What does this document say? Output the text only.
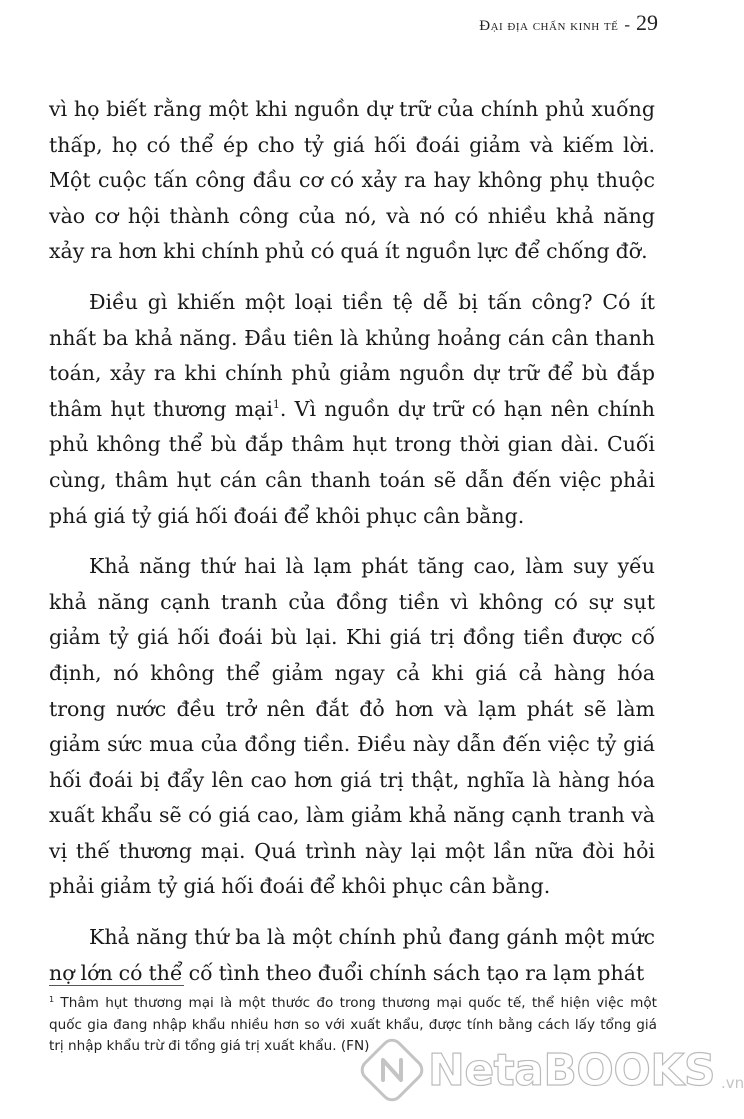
Đại địa chấn kinh tế - 29

vì họ biết rằng một khi nguồn dự trữ của chính phủ xuống thấp, họ có thể ép cho tỷ giá hối đoái giảm và kiếm lời. Một cuộc tấn công đầu cơ có xảy ra hay không phụ thuộc vào cơ hội thành công của nó, và nó có nhiều khả năng xảy ra hơn khi chính phủ có quá ít nguồn lực để chống đỡ.

Điều gì khiến một loại tiền tệ dễ bị tấn công? Có ít nhất ba khả năng. Đầu tiên là khủng hoảng cán cân thanh toán, xảy ra khi chính phủ giảm nguồn dự trữ để bù đắp thâm hụt thương mại$^1$. Vì nguồn dự trữ có hạn nên chính phủ không thể bù đắp thâm hụt trong thời gian dài. Cuối cùng, thâm hụt cán cân thanh toán sẽ dẫn đến việc phải phá giá tỷ giá hối đoái để khôi phục cân bằng.

Khả năng thứ hai là lạm phát tăng cao, làm suy yếu khả năng cạnh tranh của đồng tiền vì không có sự sụt giảm tỷ giá hối đoái bù lại. Khi giá trị đồng tiền được cố định, nó không thể giảm ngay cả khi giá cả hàng hóa trong nước đều trở nên đắt đỏ hơn và lạm phát sẽ làm giảm sức mua của đồng tiền. Điều này dẫn đến việc tỷ giá hối đoái bị đẩy lên cao hơn giá trị thật, nghĩa là hàng hóa xuất khẩu sẽ có giá cao, làm giảm khả năng cạnh tranh và vị thế thương mại. Quá trình này lại một lần nữa đòi hỏi phải giảm tỷ giá hối đoái để khôi phục cân bằng.

Khả năng thứ ba là một chính phủ đang gánh một mức nợ lớn có thể cố tình theo đuổi chính sách tạo ra lạm phát

$^1$ Thâm hụt thương mại là một thước đo trong thương mại quốc tế, thể hiện việc một quốc gia đang nhập khẩu nhiều hơn so với xuất khẩu, được tính bằng cách lấy tổng giá trị nhập khẩu trừ đi tổng giá trị xuất khẩu. (FN)	NetaBOOKS .vn
